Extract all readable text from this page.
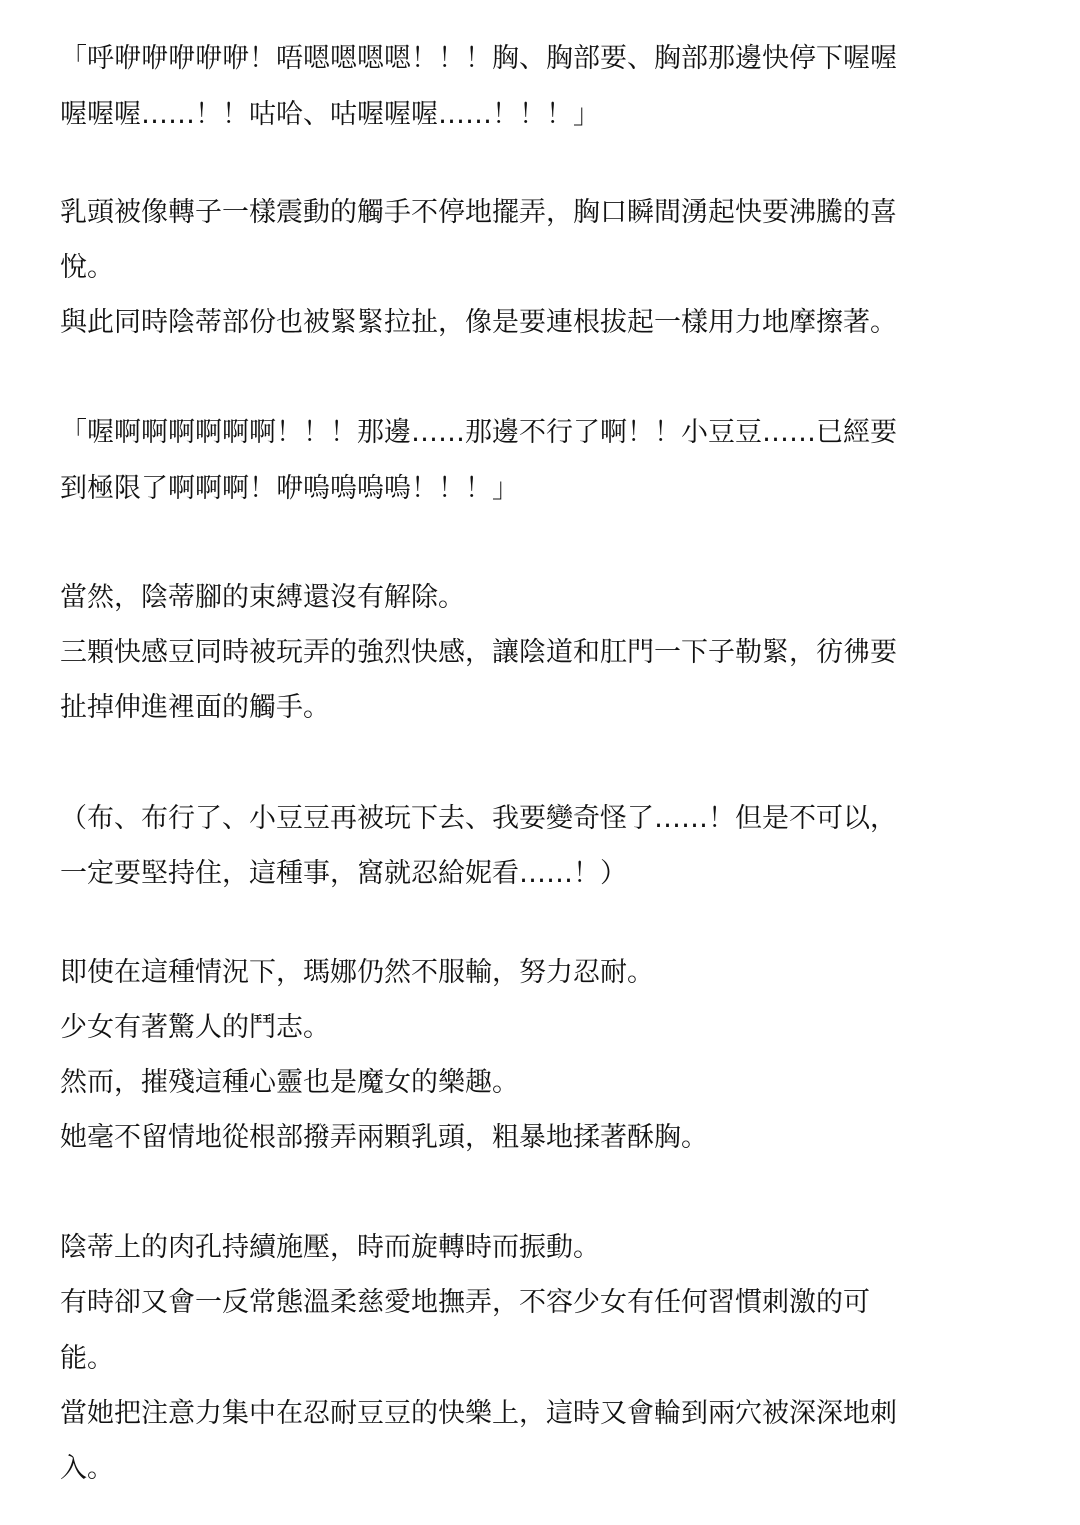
「呼咿咿咿咿咿！唔嗯嗯嗯嗯！！！胸、胸部要、胸部那邊快停下喔喔
喔喔喔……！！咕哈、咕喔喔喔……！！！」
乳頭被像轉子一樣震動的觸手不停地擺弄，胸口瞬間湧起快要沸騰的喜
悅。
與此同時陰蒂部份也被緊緊拉扯，像是要連根拔起一樣用力地摩擦著。
「喔啊啊啊啊啊啊！！！那邊……那邊不行了啊！！小豆豆……已經要
到極限了啊啊啊！咿嗚嗚嗚嗚！！！」
當然，陰蒂腳的束縛還沒有解除。
三顆快感豆同時被玩弄的強烈快感，讓陰道和肛門一下子勒緊，彷彿要
扯掉伸進裡面的觸手。
（布、布行了、小豆豆再被玩下去、我要變奇怪了……！但是不可以，
一定要堅持住，這種事，窩就忍給妮看……！）
即使在這種情況下，瑪娜仍然不服輸，努力忍耐。
少女有著驚人的鬥志。
然而，摧殘這種心靈也是魔女的樂趣。
她毫不留情地從根部撥弄兩顆乳頭，粗暴地揉著酥胸。
陰蒂上的肉孔持續施壓，時而旋轉時而振動。
有時卻又會一反常態溫柔慈愛地撫弄，不容少女有任何習慣刺激的可
能。
當她把注意力集中在忍耐豆豆的快樂上，這時又會輪到兩穴被深深地刺
入。
